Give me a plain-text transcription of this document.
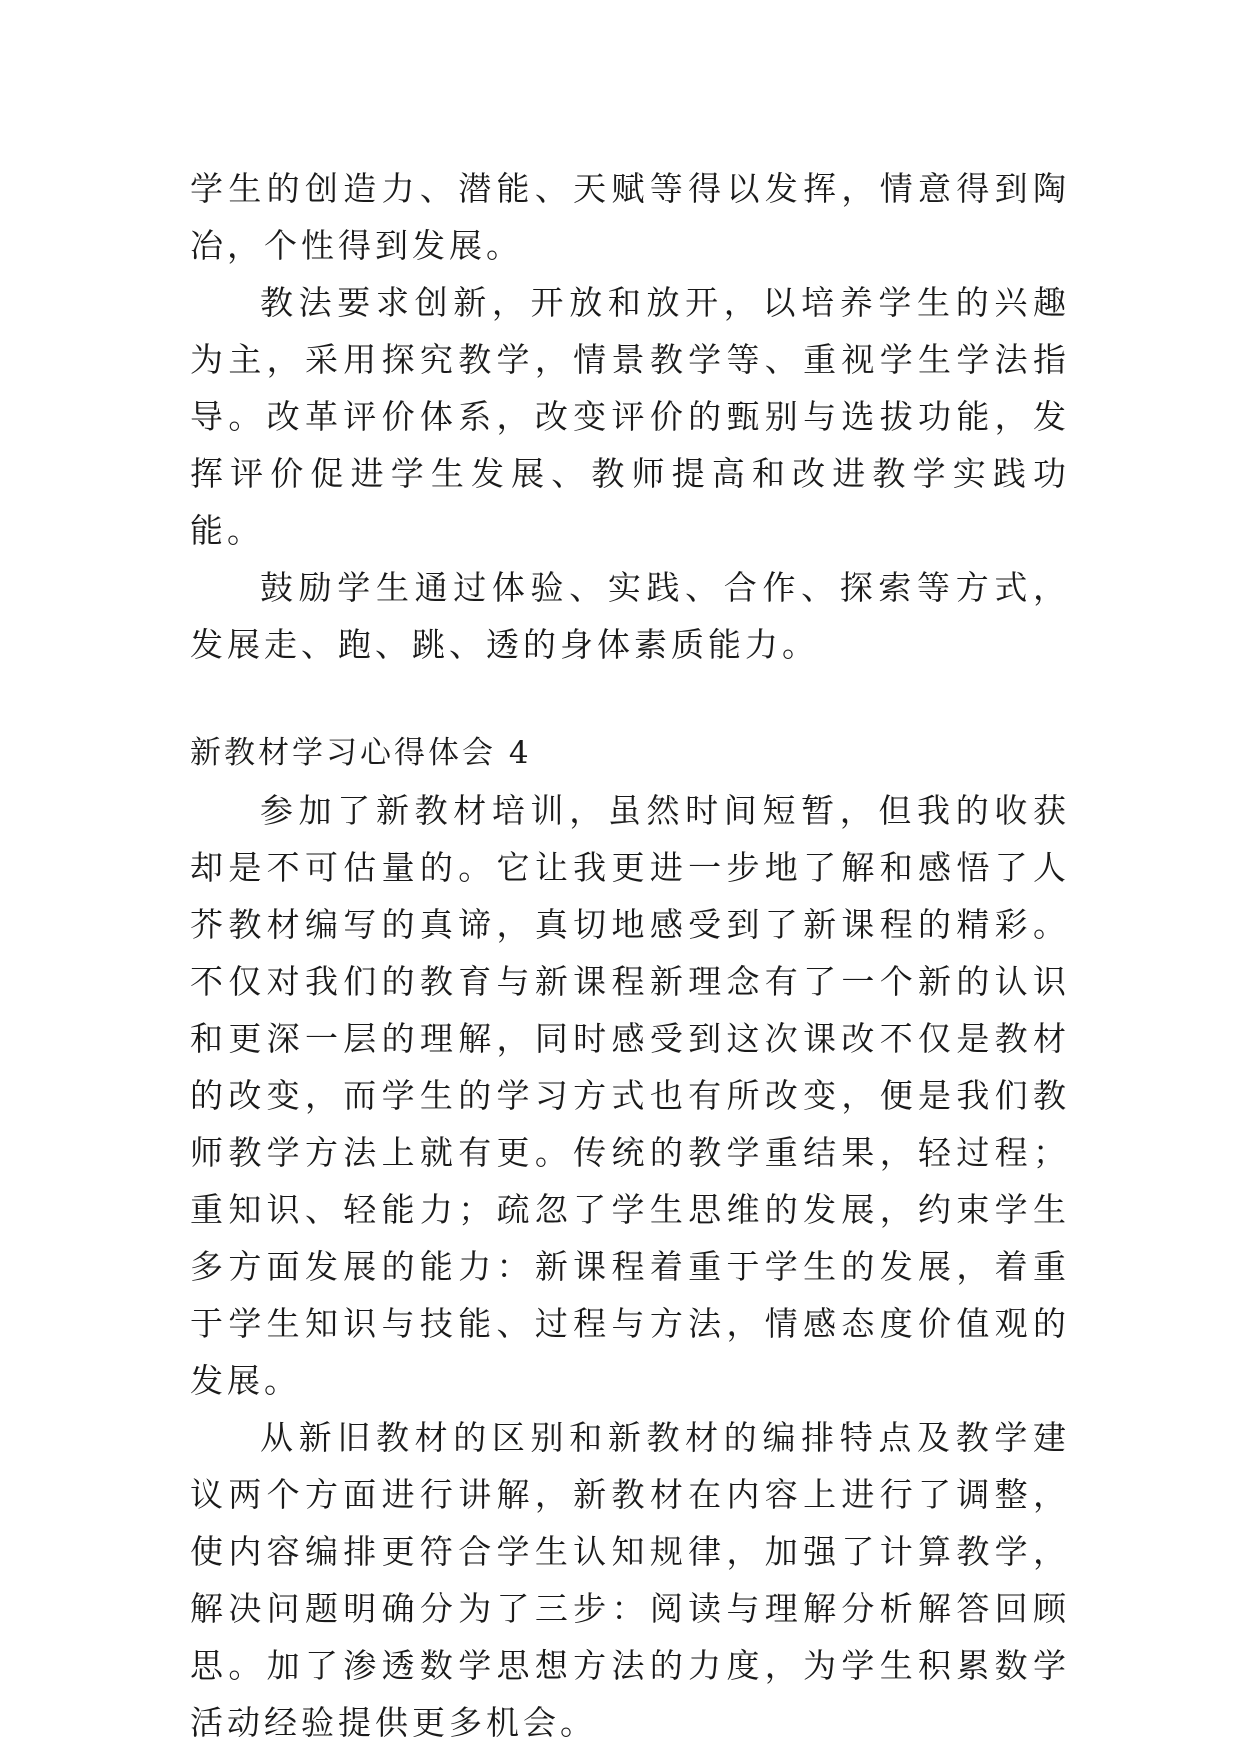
学生的创造力、潜能、天赋等得以发挥，情意得到陶冶，个性得到发展。

教法要求创新，开放和放开，以培养学生的兴趣为主，采用探究教学，情景教学等、重视学生学法指导。改革评价体系，改变评价的甄别与选拔功能，发挥评价促进学生发展、教师提高和改进教学实践功能。

鼓励学生通过体验、实践、合作、探索等方式，发展走、跑、跳、透的身体素质能力。

新教材学习心得体会 4

参加了新教材培训，虽然时间短暂，但我的收获却是不可估量的。它让我更进一步地了解和感悟了人芥教材编写的真谛，真切地感受到了新课程的精彩。不仅对我们的教育与新课程新理念有了一个新的认识和更深一层的理解，同时感受到这次课改不仅是教材的改变，而学生的学习方式也有所改变，便是我们教师教学方法上就有更。传统的教学重结果，轻过程；重知识、轻能力；疏忽了学生思维的发展，约束学生多方面发展的能力：新课程着重于学生的发展，着重于学生知识与技能、过程与方法，情感态度价值观的发展。

从新旧教材的区别和新教材的编排特点及教学建议两个方面进行讲解，新教材在内容上进行了调整，使内容编排更符合学生认知规律，加强了计算教学，解决问题明确分为了三步：阅读与理解分析解答回顾思。加了渗透数学思想方法的力度，为学生积累数学活动经验提供更多机会。
